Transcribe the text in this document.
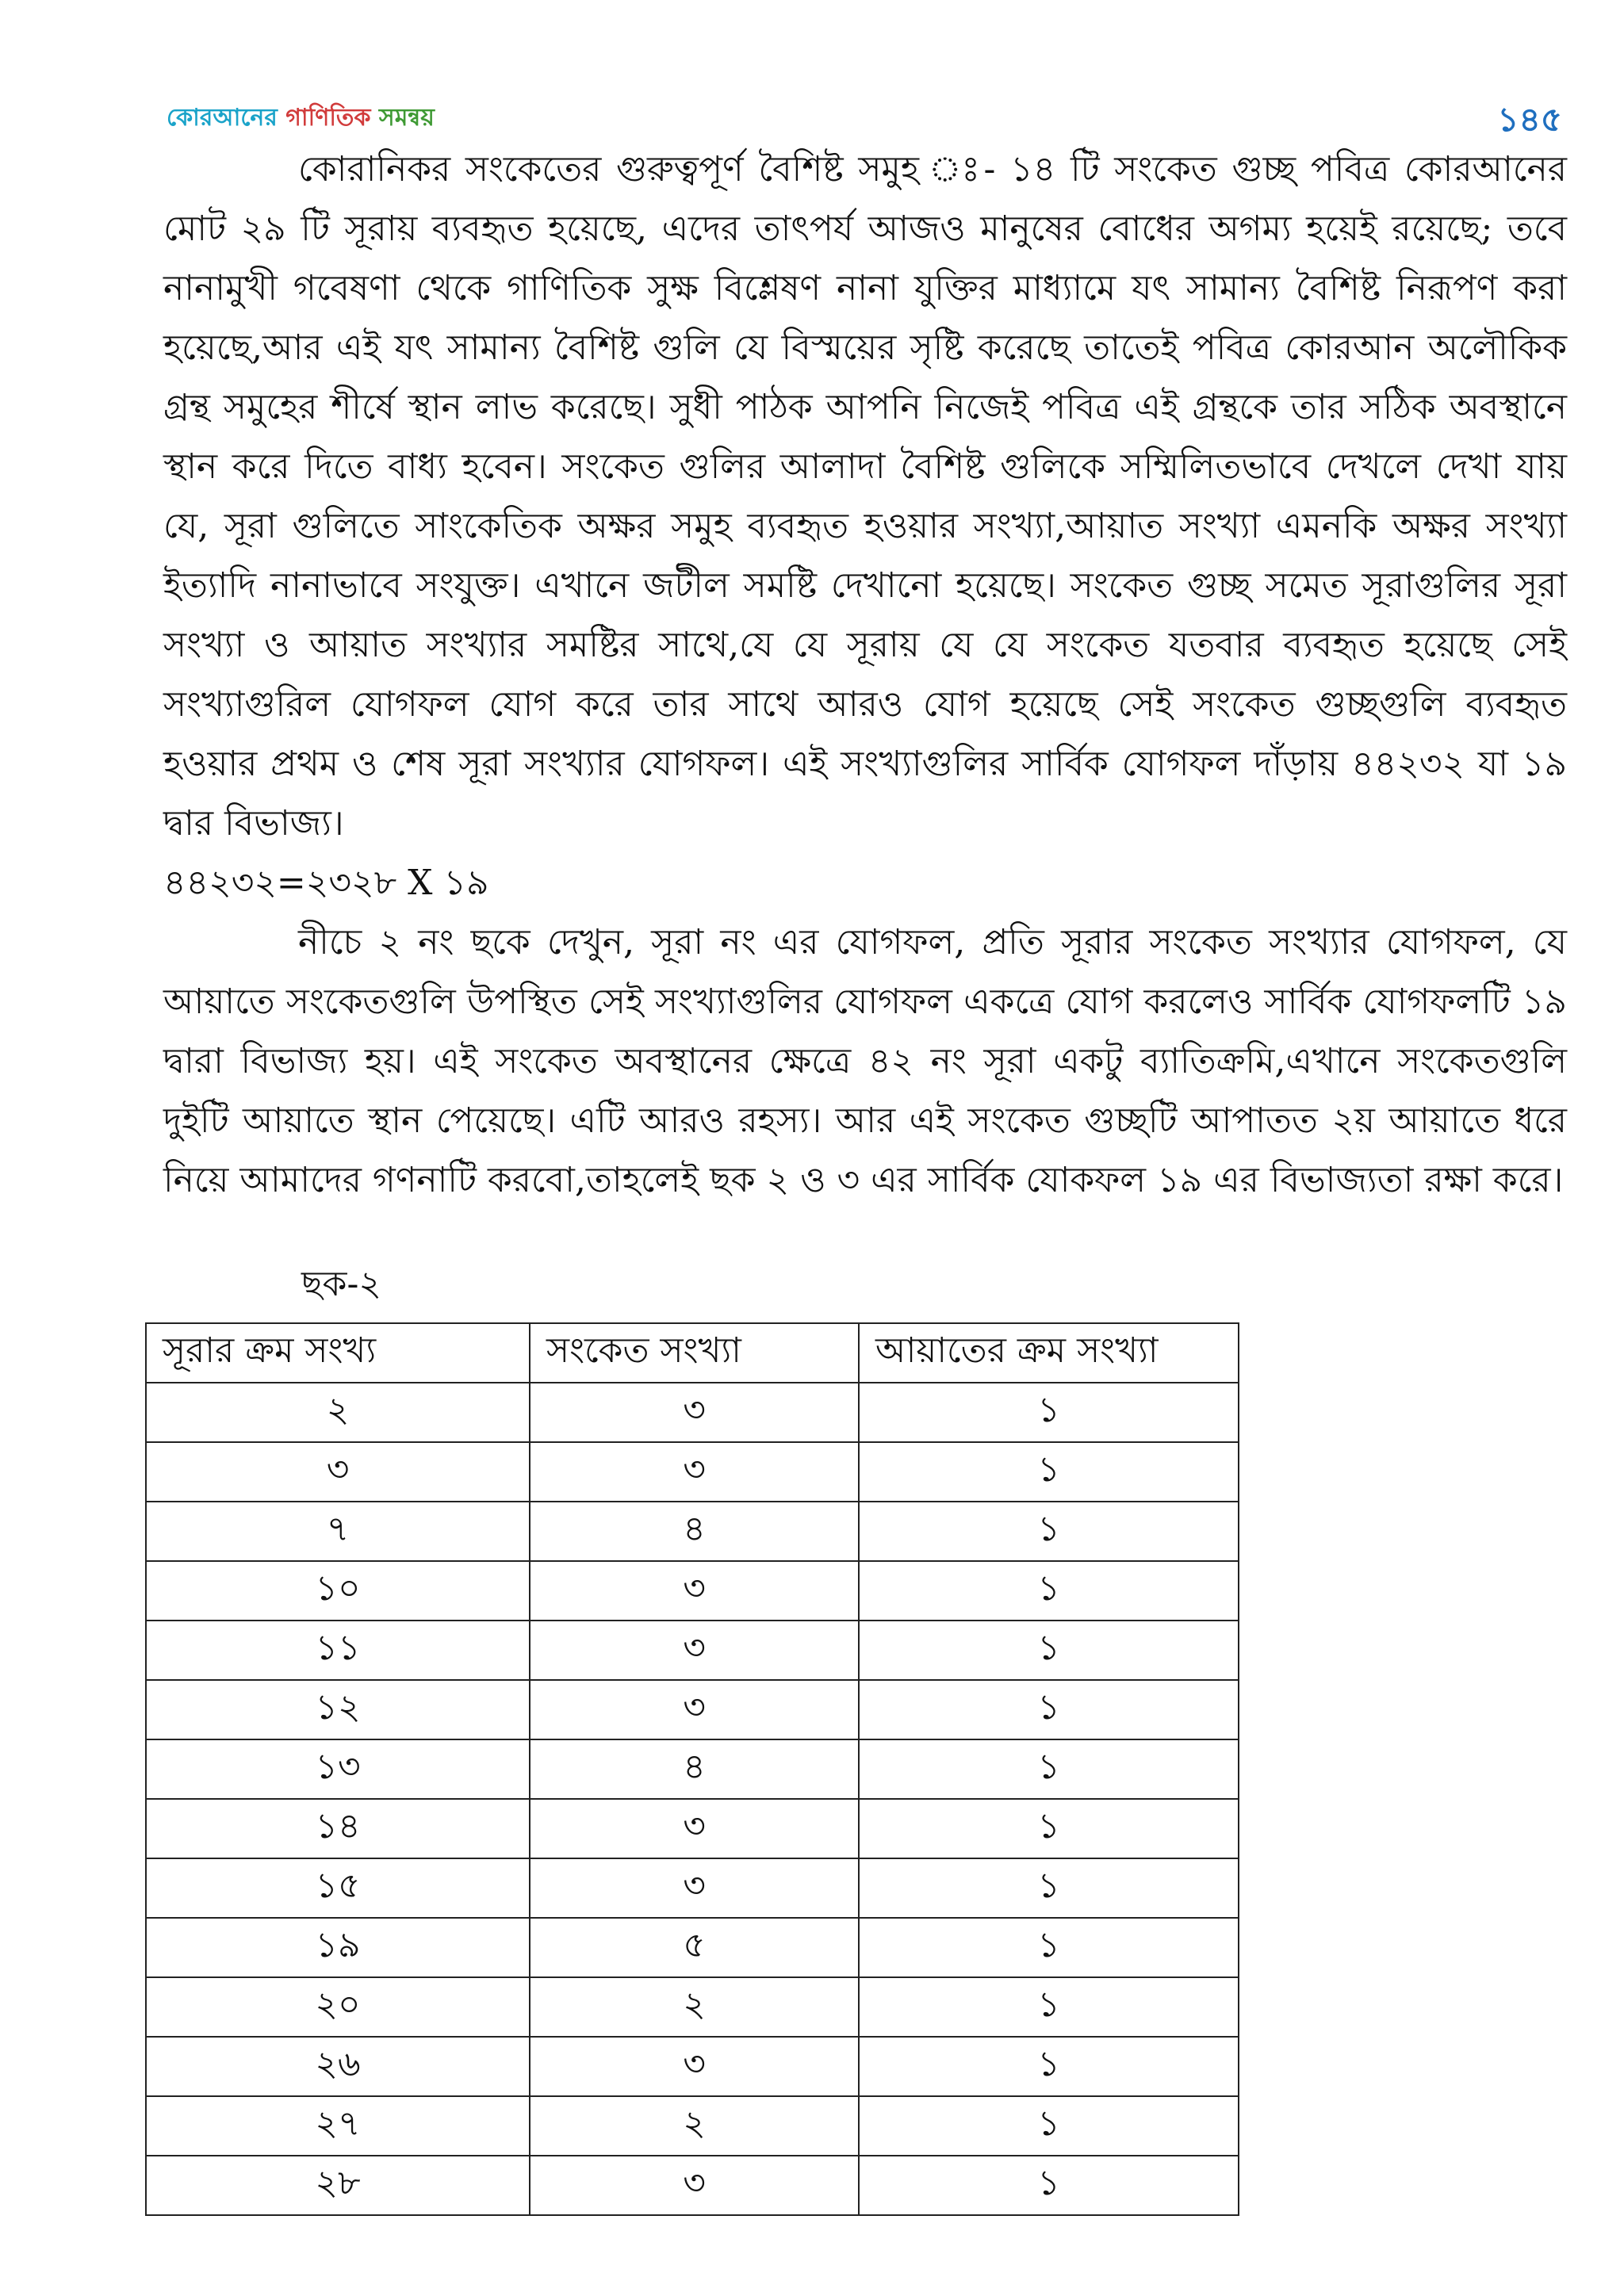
কোরআনের গাণিতিক সমন্বয়	১৪৫

কোরানিকর সংকেতের গুরুত্বপূর্ণ বৈশিষ্ট সমুহ ঃ- ১৪ টি সংকেত গুচ্ছ পবিত্র কোরআনের মোট ২৯ টি সূরায় ব্যবহৃত হয়েছে, এদের তাৎপর্য আজও মানুষের বোধের অগম্য হয়েই রয়েছে; তবে নানামুখী গবেষণা থেকে গাণিতিক সুক্ষ বিশ্লেষণ নানা যুক্তির মাধ্যামে যৎ সামান্য বৈশিষ্ট নিরূপণ করা হয়েছে,আর এই যৎ সামান্য বৈশিষ্ট গুলি যে বিস্ময়ের সৃষ্টি করেছে তাতেই পবিত্র কোরআন অলৌকিক গ্রন্থ সমুহের শীর্ষে স্থান লাভ করেছে। সুধী পাঠক আপনি নিজেই পবিত্র এই গ্রন্থকে তার সঠিক অবস্থানে স্থান করে দিতে বাধ্য হবেন। সংকেত গুলির আলাদা বৈশিষ্ট গুলিকে সম্মিলিতভাবে দেখলে দেখা যায় যে, সূরা গুলিতে সাংকেতিক অক্ষর সমুহ ব্যবহৃত হওয়ার সংখ্যা,আয়াত সংখ্যা এমনকি অক্ষর সংখ্যা ইত্যাদি নানাভাবে সংযুক্ত। এখানে জটীল সমষ্টি দেখানো হয়েছে। সংকেত গুচ্ছ সমেত সূরাগুলির সূরা সংখ্যা ও আয়াত সংখ্যার সমষ্টির সাথে,যে যে সূরায় যে যে সংকেত যতবার ব্যবহৃত হয়েছে সেই সংখ্যাগুরিল যোগফল যোগ করে তার সাথে আরও যোগ হয়েছে সেই সংকেত গুচ্ছগুলি ব্যবহৃত হওয়ার প্রথম ও শেষ সূরা সংখ্যার যোগফল। এই সংখ্যাগুলির সার্বিক যোগফল দাঁড়ায় ৪৪২৩২ যা ১৯ দ্বার বিভাজ্য।

৪৪২৩২=২৩২৮ X ১৯

নীচে ২ নং ছকে দেখুন, সূরা নং এর যোগফল, প্রতি সূরার সংকেত সংখ্যার যোগফল, যে আয়াতে সংকেতগুলি উপস্থিত সেই সংখ্যাগুলির যোগফল একত্রে যোগ করলেও সার্বিক যোগফলটি ১৯ দ্বারা বিভাজ্য হয়। এই সংকেত অবস্থানের ক্ষেত্রে ৪২ নং সূরা একটু ব্যাতিক্রমি,এখানে সংকেতগুলি দুইটি আয়াতে স্থান পেয়েছে। এটি আরও রহস্য। আর এই সংকেত গুচ্ছটি আপাতত ২য় আয়াতে ধরে নিয়ে আমাদের গণনাটি করবো,তাহলেই ছক ২ ও ৩ এর সার্বিক যোকফল ১৯ এর বিভাজ্যতা রক্ষা করে।

ছক-২
সূরার ক্রম সংখ্য	সংকেত সংখ্যা	আয়াতের ক্রম সংখ্যা
২	৩	১
৩	৩	১
৭	৪	১
১০	৩	১
১১	৩	১
১২	৩	১
১৩	৪	১
১৪	৩	১
১৫	৩	১
১৯	৫	১
২০	২	১
২৬	৩	১
২৭	২	১
২৮	৩	১
